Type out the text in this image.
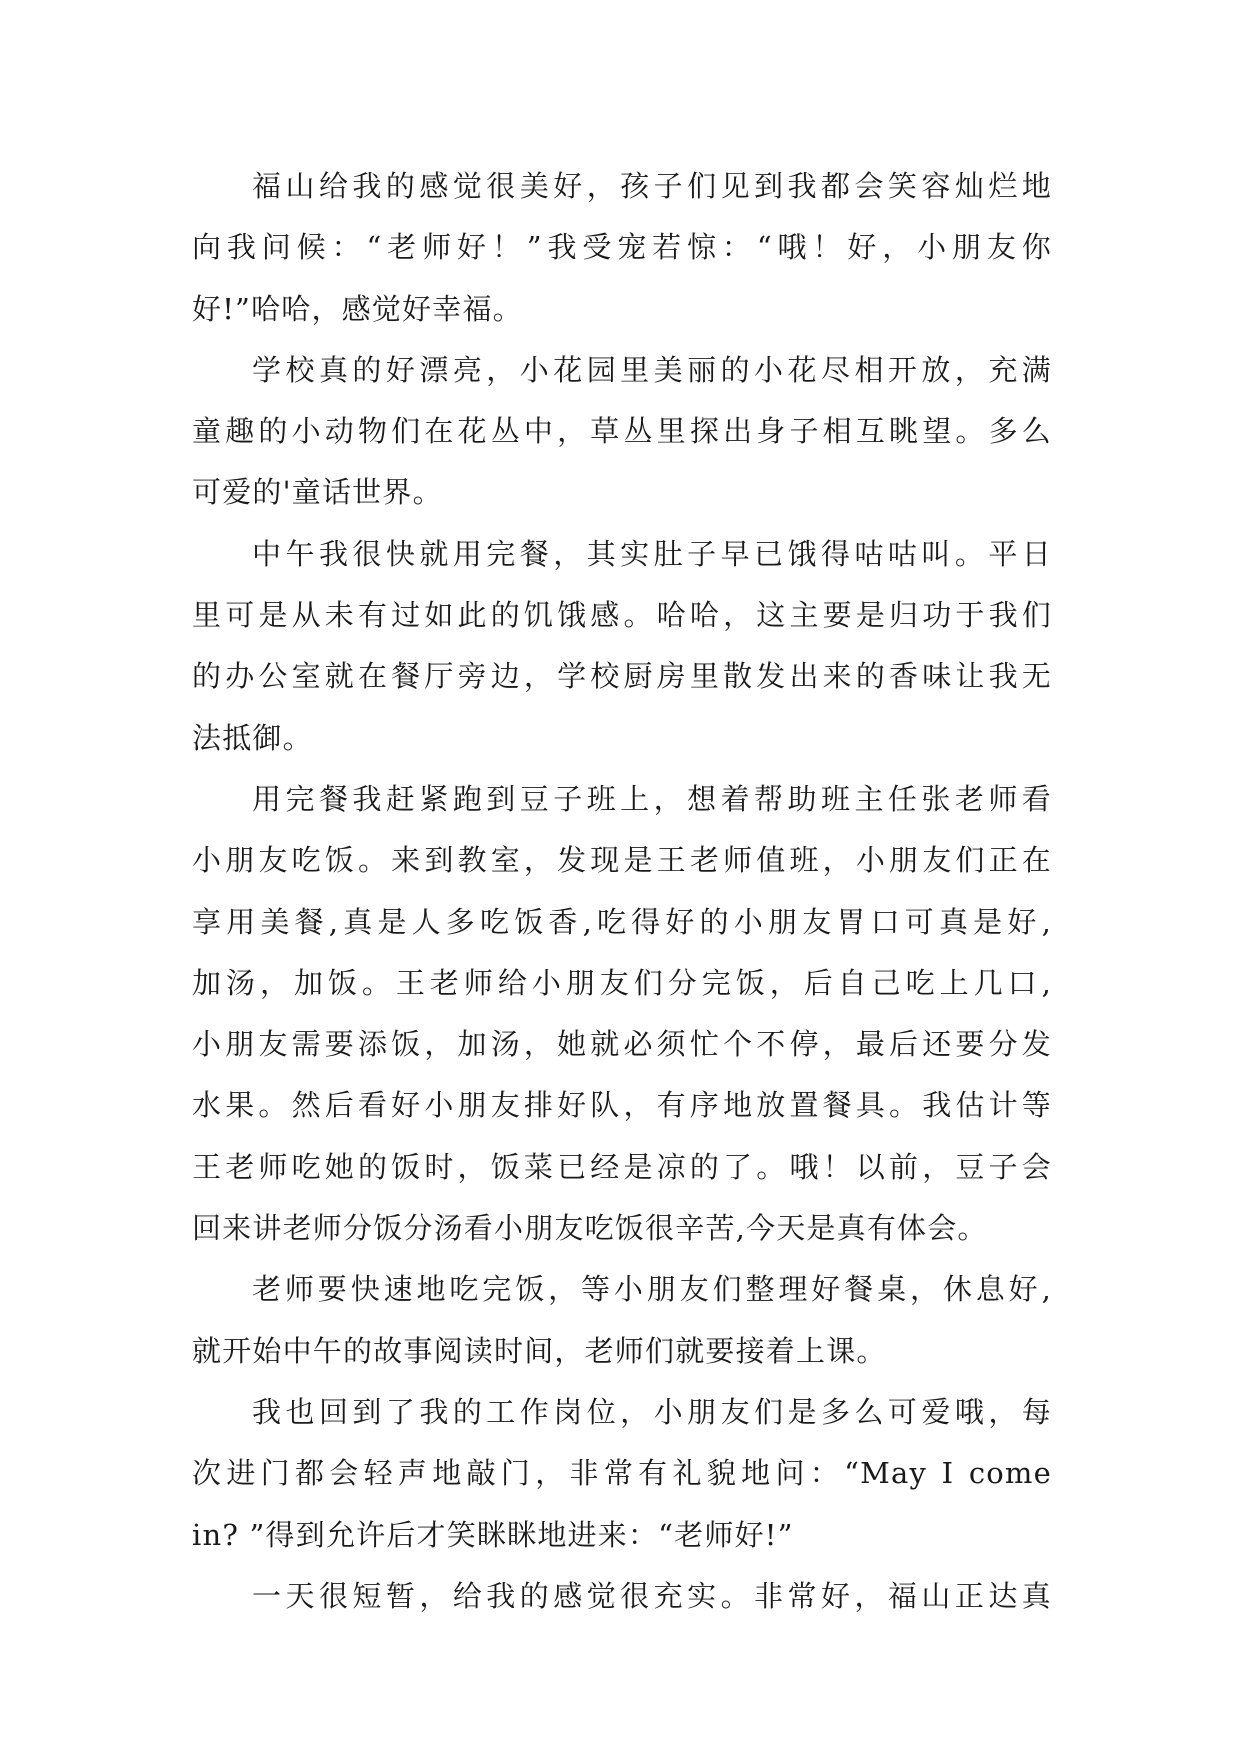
福山给我的感觉很美好，孩子们见到我都会笑容灿烂地
向我问候：“老师好！”我受宠若惊：“哦！好，小朋友你
好!”哈哈，感觉好幸福。
学校真的好漂亮，小花园里美丽的小花尽相开放，充满
童趣的小动物们在花丛中，草丛里探出身子相互眺望。多么
可爱的'童话世界。
中午我很快就用完餐，其实肚子早已饿得咕咕叫。平日
里可是从未有过如此的饥饿感。哈哈，这主要是归功于我们
的办公室就在餐厅旁边，学校厨房里散发出来的香味让我无
法抵御。
用完餐我赶紧跑到豆子班上，想着帮助班主任张老师看
小朋友吃饭。来到教室，发现是王老师值班，小朋友们正在
享用美餐,真是人多吃饭香,吃得好的小朋友胃口可真是好,
加汤，加饭。王老师给小朋友们分完饭，后自己吃上几口,
小朋友需要添饭，加汤，她就必须忙个不停，最后还要分发
水果。然后看好小朋友排好队，有序地放置餐具。我估计等
王老师吃她的饭时，饭菜已经是凉的了。哦！以前，豆子会
回来讲老师分饭分汤看小朋友吃饭很辛苦,今天是真有体会。
老师要快速地吃完饭，等小朋友们整理好餐桌，休息好,
就开始中午的故事阅读时间，老师们就要接着上课。
我也回到了我的工作岗位，小朋友们是多么可爱哦，每
次进门都会轻声地敲门，非常有礼貌地问：“May I come
in? ”得到允许后才笑眯眯地进来：“老师好!”
一天很短暂，给我的感觉很充实。非常好，福山正达真
